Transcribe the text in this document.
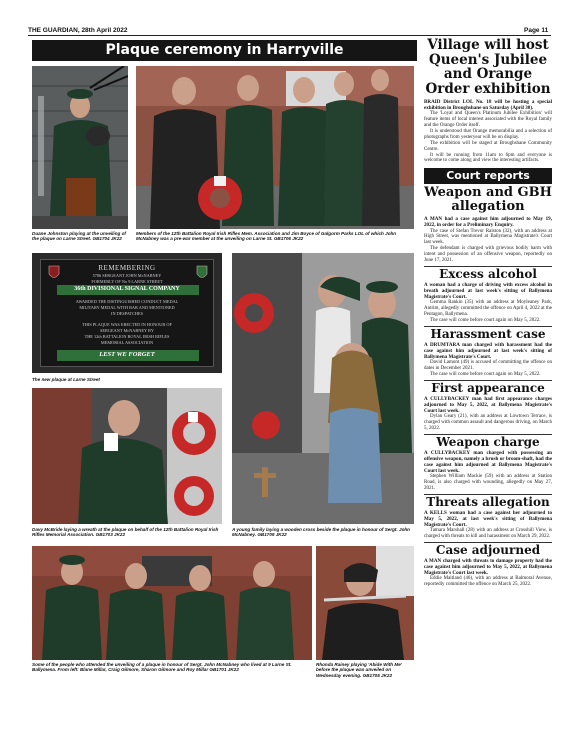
THE GUARDIAN, 28th April 2022	Page 11
Plaque ceremony in Harryville
Duane Johnston playing at the unveiling of the plaque on Larne Street. GB1704 JK22
Members of the 12th Battalion Royal Irish Rifles Mem. Association and Jim Boyce of Galgorm Parks LOL of which John McNabney was a pre-war member at the unveiling on Larne St. GB1706 JK22
REMEMBERING
5786 SERGEANT JOHN McNABNEY
FORMERLY OF No 9 LARNE STREET
36th DIVISIONAL SIGNAL COMPANY
AWARDED THE DISTINGUISHED CONDUCT MEDAL
MILITARY MEDAL WITH BAR AND MENTIONED
IN DESPATCHES
THIS PLAQUE WAS ERECTED IN HONOUR OF
SERGEANT McNABNEY BY
THE 12th BATTALION ROYAL IRISH RIFLES
MEMORIAL ASSOCIATION
LEST WE FORGET
The new plaque at Larne Street
Davy McBride laying a wreath at the plaque on behalf of the 12th Battalion Royal Irish Rifles Memorial Association. GB1703 JK22
A young family laying a wooden cross beside the plaque in honour of Sergt. John McNabney. GB1709 JK22
Some of the people who attended the unveiling of a plaque in honour of Sergt. John McNabney who lived at 9 Larne St. Ballymena. From left: Blane Millar, Craig Gilmore, Sharon Gilmore and Roy Millar GB1701 JK22
Rhonda Rainey playing 'Abide With Me' before the plaque was unveiled on Wednesday evening. GB1705 JK22
Village will host Queen's Jubilee and Orange Order exhibition
BRAID District LOL No. 18 will be hosting a special exhibition in Broughshane on Saturday (April 30).
The 'Loyal and Queen's Platinum Jubilee Exhibition' will feature items of local interest associated with the Royal family and the Orange Order itself.
It is understood that Orange memorabilia and a selection of photographs from yesteryear will be on display.
The exhibition will be staged at Broughshane Community Centre.
It will be running from 11am to 6pm and everyone is welcome to come along and view the interesting artifacts.
Court reports
Weapon and GBH allegation
A MAN had a case against him adjourned to May 19, 2022, in order for a Preliminary Enquiry.
The case of Stefan Trevor Ralston (32), with an address at High Street, was mentioned at Ballymena Magistrate's Court last week.
The defendant is charged with grievous bodily harm with intent and possession of an offensive weapon, reportedly on June 17, 2021.
Excess alcohol
A woman had a charge of driving with excess alcohol in breath adjourned at last week's sitting of Ballymena Magistrate's Court.
Gemma Rankin (35) with an address at Moyleaney Park, Antrim, allegedly committed the offence on April 4, 2022 at the Pentagon, Ballymena.
The case will come before court again on May 5, 2022.
Harassment case
A DRUMTARA man charged with harassment had the case against him adjourned at last week's sitting of Ballymena Magistrate's Court.
David Lamont (49) is accused of committing the offence on dates in December 2021.
The case will come before court again on May 5, 2022.
First appearance
A CULLYBACKEY man had first appearance charges adjourned to May 5, 2022, at Ballymena Magistrate's Court last week.
Dylan Geary (21), with an address at Lowtown Terrace, is charged with common assault and dangerous driving, on March 5, 2022.
Weapon charge
A CULLYBACKEY man charged with possessing an offensive weapon, namely a brush or broom-shaft, had the case against him adjourned at Ballymena Magistrate's Court last week.
Stephen William Mackie (59) with an address at Station Road, is also charged with wounding, allegedly on May 27, 2021.
Threats allegation
A KELLS woman had a case against her adjourned to May 5, 2022, at last week's sitting of Ballymena Magistrate's Court.
Tamara Marshall (28) with an address at Crosshill View, is charged with threats to kill and harassment on March 29, 2022.
Case adjourned
A MAN charged with threats to damage property had the case against him adjourned to May 5, 2022, at Ballymena Magistrate's Court last week.
Eddie Maitland (46), with an address at Balmoral Avenue, reportedly committed the offence on March 25, 2022.
